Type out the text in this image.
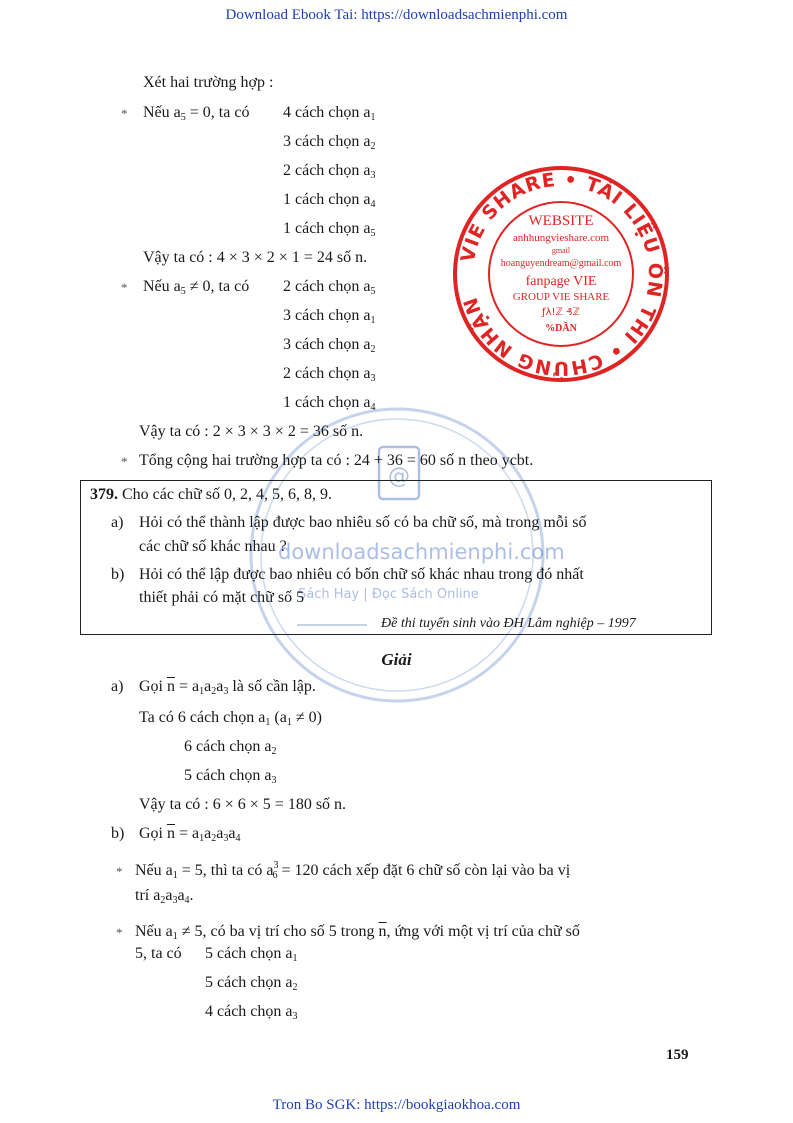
Download Ebook Tai: https://downloadsachmienphi.com
Tron Bo SGK: https://bookgiaokhoa.com
VIE SHARE • TÀI LIỆU ÔN THI • CHỨNG NHẬN
WEBSITE
anhhungvieshare.com
gmail
hoanguyendream@gmail.com
fanpage VIE
GROUP VIE SHARE
ƒλ!ℤ ₰ℤ
%DẦN
@
downloadsachmienphi.com
Sách Hay | Đọc Sách Online
Xét hai trường hợp :
* Nếu $a_5 = 0$, ta có 4 cách chọn $a_1$
3 cách chọn $a_2$
2 cách chọn $a_3$
1 cách chọn $a_4$
1 cách chọn $a_5$
Vậy ta có : 4 × 3 × 2 × 1 = 24 số n.
* Nếu $a_5 \ne 0$, ta có 2 cách chọn $a_5$
3 cách chọn $a_1$
3 cách chọn $a_2$
2 cách chọn $a_3$
1 cách chọn $a_4$
Vậy ta có : 2 × 3 × 3 × 2 = 36 số n.
* Tổng cộng hai trường hợp ta có : 24 + 36 = 60 số n theo ycbt.
379. Cho các chữ số 0, 2, 4, 5, 6, 8, 9.
a) Hỏi có thể thành lập được bao nhiêu số có ba chữ số, mà trong mỗi số
các chữ số khác nhau ?
b) Hỏi có thể lập được bao nhiêu có bốn chữ số khác nhau trong đó nhất
thiết phải có mặt chữ số 5
Đề thi tuyển sinh vào ĐH Lâm nghiệp – 1997
Giải
a) Gọi $\overline{n} = a_1a_2a_3$ là số cần lập.
Ta có 6 cách chọn $a_1$ $(a_1 \ne 0)$
6 cách chọn $a_2$
5 cách chọn $a_3$
Vậy ta có : 6 × 6 × 5 = 180 số n.
b) Gọi $\overline{n} = a_1a_2a_3a_4$
* Nếu $a_1 = 5$, thì ta có $a^3_6 = 120$ cách xếp đặt 6 chữ số còn lại vào ba vị
trí $a_2a_3a_4$.
* Nếu $a_1 \ne 5$, có ba vị trí cho số 5 trong $\overline{n}$, ứng với một vị trí của chữ số
5, ta có 5 cách chọn $a_1$
5 cách chọn $a_2$
4 cách chọn $a_3$
159
